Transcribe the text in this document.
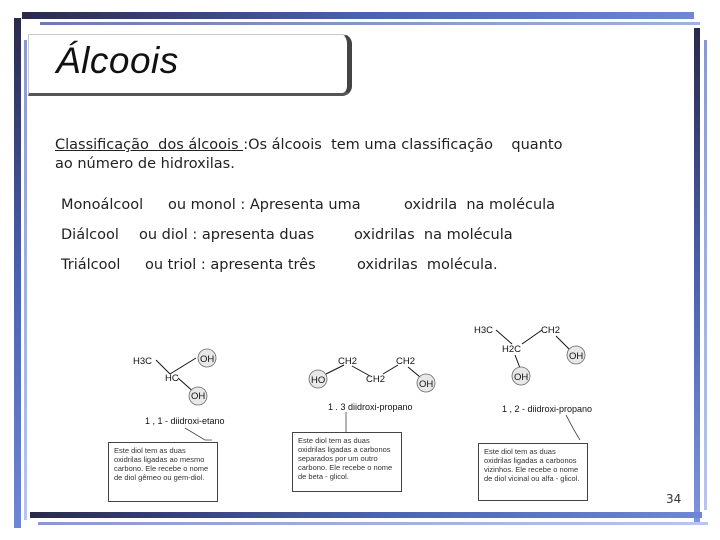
Álcoois
Classificação  dos álcoois :Os álcoois  tem uma classificação    quanto
ao número de hidroxilas.
Monoálcool ou monol : Apresenta uma	oxidrila  na molécula
Diálcool ou diol : apresenta duas	oxidrilas  na molécula
Triálcool ou triol : apresenta três	oxidrilas  molécula.
H3C	OH
HC
OH
1 , 1 - diidroxi-etano
HO
CH2
CH2
CH2
OH
1 . 3 diidroxi-propano
H3C
H2C
CH2
OH
OH
1 , 2 - diidroxi-propano
Este diol tem as duas oxidrilas ligadas ao mesmo carbono. Ele recebe o nome de diol gêmeo ou gem-diol.
Este diol tem as duas oxidrilas ligadas a carbonos separados por um outro carbono. Ele recebe o nome de beta - glicol.
Este diol tem as duas oxidrilas ligadas a carbonos vizinhos. Ele recebe o nome de diol vicinal ou alfa - glicol.
34
